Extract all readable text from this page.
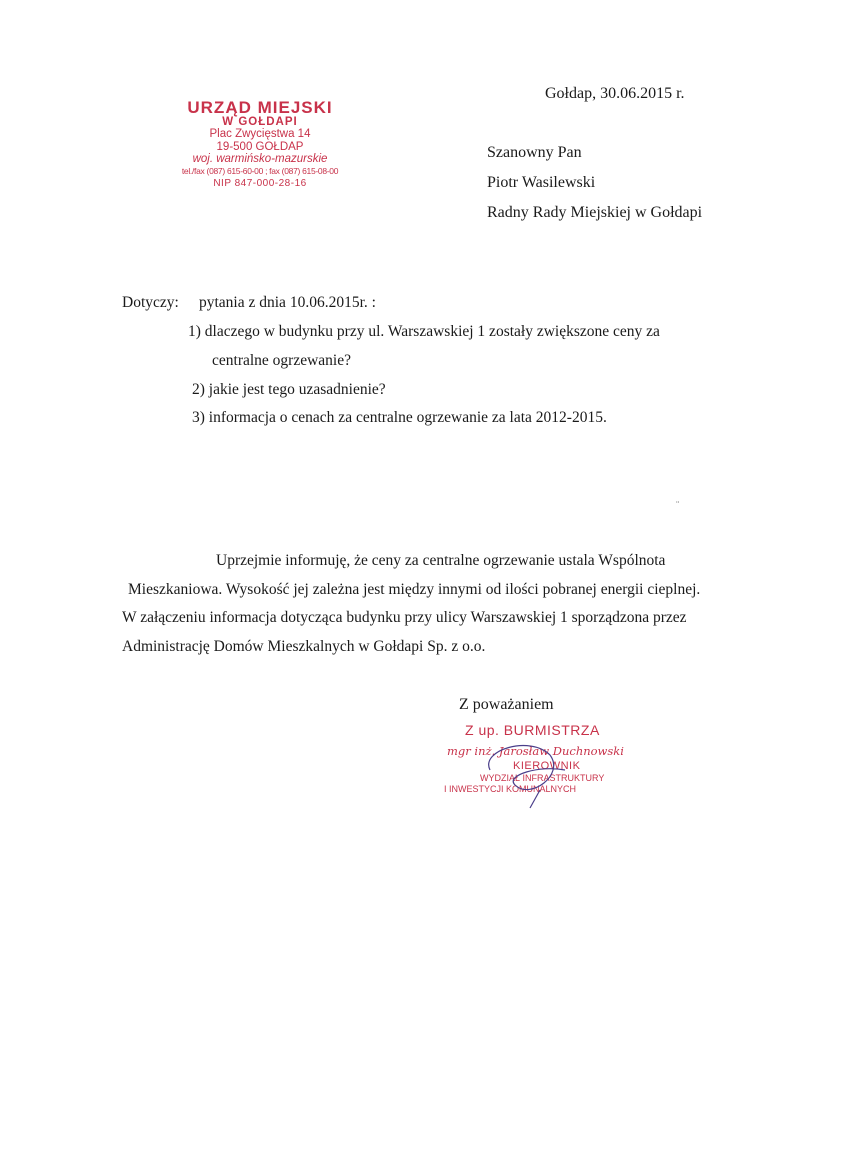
URZĄD MIEJSKI
W GOŁDAPI
Plac Zwycięstwa 14
19-500 GOŁDAP
woj. warmińsko-mazurskie
tel./fax (087) 615-60-00 ; fax (087) 615-08-00
NIP 847-000-28-16
Gołdap, 30.06.2015 r.
Szanowny Pan
Piotr Wasilewski
Radny Rady Miejskiej w Gołdapi
Dotyczy: pytania z dnia 10.06.2015r. :
1) dlaczego w budynku przy ul. Warszawskiej 1 zostały zwiększone ceny za
centralne ogrzewanie?
2) jakie jest tego uzasadnienie?
3) informacja o cenach za centralne ogrzewanie za lata 2012-2015.
Uprzejmie informuję, że ceny za centralne ogrzewanie ustala Wspólnota
Mieszkaniowa. Wysokość jej zależna jest między innymi od ilości pobranej energii cieplnej.
W załączeniu informacja dotycząca budynku przy ulicy Warszawskiej 1 sporządzona przez
Administrację Domów Mieszkalnych w Gołdapi Sp. z o.o.
Z poważaniem
Z up. BURMISTRZA
mgr inż. Jarosław Duchnowski
KIEROWNIK
WYDZIAŁ INFRASTRUKTURY
I INWESTYCJI KOMUNALNYCH
¨
